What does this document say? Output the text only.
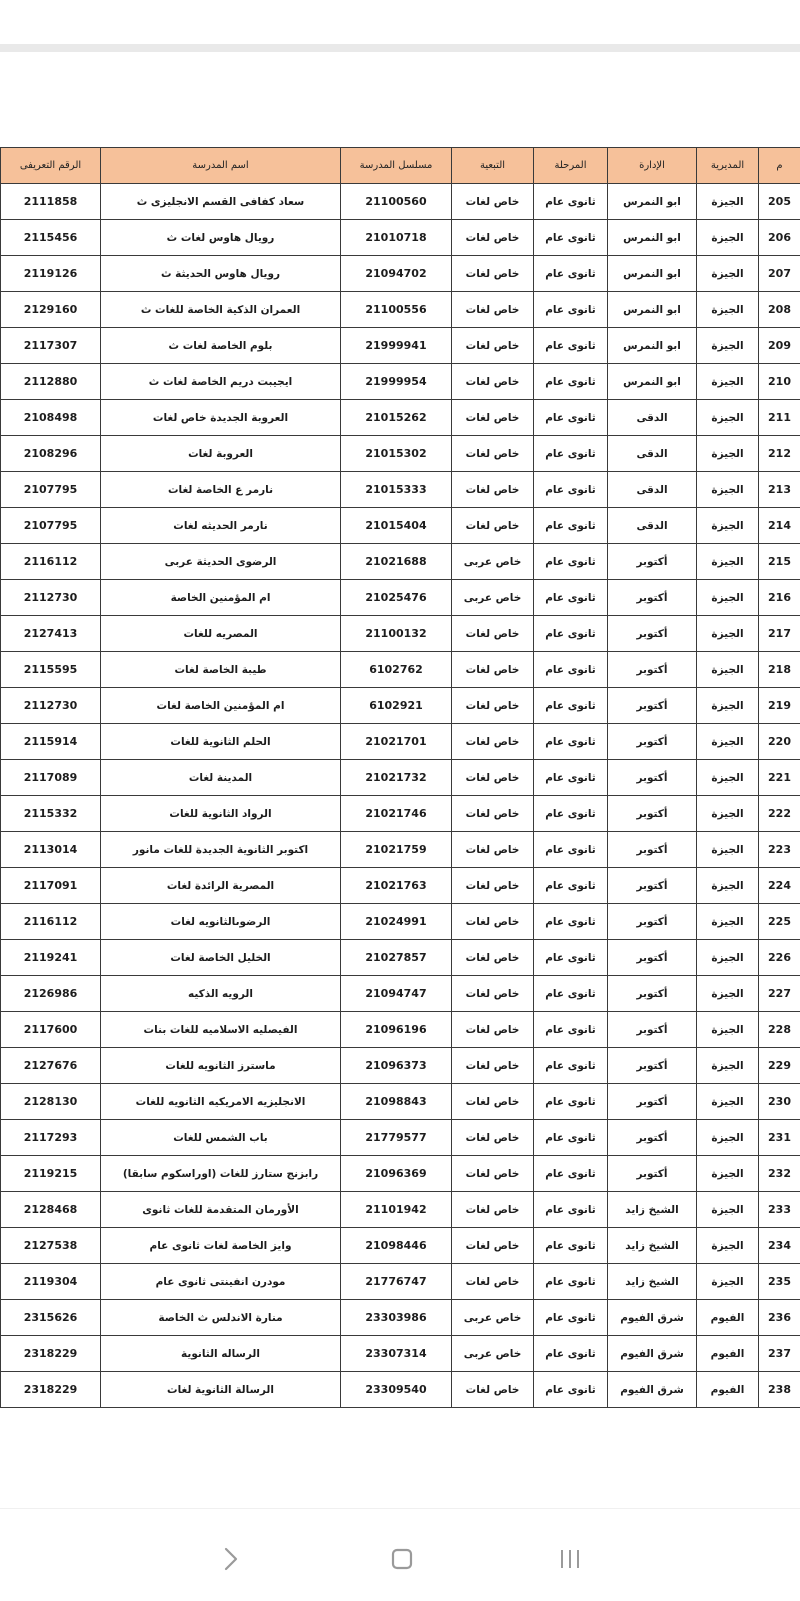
م	المديرية	الإدارة	المرحلة	التبعية	مسلسل المدرسة	اسم المدرسة	الرقم التعريفى
205	الجيزة	ابو النمرس	ثانوى عام	خاص لغات	21100560	سعاد كفافى القسم الانجليزى ث	2111858
206	الجيزة	ابو النمرس	ثانوى عام	خاص لغات	21010718	رويال هاوس لغات ث	2115456
207	الجيزة	ابو النمرس	ثانوى عام	خاص لغات	21094702	رويال هاوس الحديثة ث	2119126
208	الجيزة	ابو النمرس	ثانوى عام	خاص لغات	21100556	العمران الذكية الخاصة للغات ث	2129160
209	الجيزة	ابو النمرس	ثانوى عام	خاص لغات	21999941	بلوم الخاصة لغات ث	2117307
210	الجيزة	ابو النمرس	ثانوى عام	خاص لغات	21999954	ايجيبت دريم الخاصة لغات ث	2112880
211	الجيزة	الدقى	ثانوى عام	خاص لغات	21015262	العروبة الجديدة خاص لغات	2108498
212	الجيزة	الدقى	ثانوى عام	خاص لغات	21015302	العروبة لغات	2108296
213	الجيزة	الدقى	ثانوى عام	خاص لغات	21015333	نارمر ع الخاصة لغات	2107795
214	الجيزة	الدقى	ثانوى عام	خاص لغات	21015404	نارمر الحديثه لغات	2107795
215	الجيزة	أكتوبر	ثانوى عام	خاص عربى	21021688	الرضوى الحديثة عربى	2116112
216	الجيزة	أكتوبر	ثانوى عام	خاص عربى	21025476	ام المؤمنين الخاصة	2112730
217	الجيزة	أكتوبر	ثانوى عام	خاص لغات	21100132	المصريه للغات	2127413
218	الجيزة	أكتوبر	ثانوى عام	خاص لغات	6102762	طيبة الخاصة لغات	2115595
219	الجيزة	أكتوبر	ثانوى عام	خاص لغات	6102921	ام المؤمنين الخاصة لغات	2112730
220	الجيزة	أكتوبر	ثانوى عام	خاص لغات	21021701	الحلم الثانوية للغات	2115914
221	الجيزة	أكتوبر	ثانوى عام	خاص لغات	21021732	المدينة لغات	2117089
222	الجيزة	أكتوبر	ثانوى عام	خاص لغات	21021746	الرواد الثانوية للغات	2115332
223	الجيزة	أكتوبر	ثانوى عام	خاص لغات	21021759	اكتوبر الثانوية الجديدة للغات مانور	2113014
224	الجيزة	أكتوبر	ثانوى عام	خاص لغات	21021763	المصرية الرائدة لغات	2117091
225	الجيزة	أكتوبر	ثانوى عام	خاص لغات	21024991	الرضوىالثانويه لغات	2116112
226	الجيزة	أكتوبر	ثانوى عام	خاص لغات	21027857	الخليل الخاصة لغات	2119241
227	الجيزة	أكتوبر	ثانوى عام	خاص لغات	21094747	الرويه الذكيه	2126986
228	الجيزة	أكتوبر	ثانوى عام	خاص لغات	21096196	الفيصليه الاسلاميه للغات بنات	2117600
229	الجيزة	أكتوبر	ثانوى عام	خاص لغات	21096373	ماسترز الثانويه للغات	2127676
230	الجيزة	أكتوبر	ثانوى عام	خاص لغات	21098843	الانجليزيه الامريكيه الثانويه للغات	2128130
231	الجيزة	أكتوبر	ثانوى عام	خاص لغات	21779577	باب الشمس للغات	2117293
232	الجيزة	أكتوبر	ثانوى عام	خاص لغات	21096369	رابزنج ستارز للغات (اوراسكوم سابقا)	2119215
233	الجيزة	الشيخ زايد	ثانوى عام	خاص لغات	21101942	الأورمان المتقدمة للغات ثانوى	2128468
234	الجيزة	الشيخ زايد	ثانوى عام	خاص لغات	21098446	وايز الخاصة لغات ثانوى عام	2127538
235	الجيزة	الشيخ زايد	ثانوى عام	خاص لغات	21776747	مودرن انفينتى ثانوى عام	2119304
236	الفيوم	شرق الفيوم	ثانوى عام	خاص عربى	23303986	منارة الاندلس ث الخاصة	2315626
237	الفيوم	شرق الفيوم	ثانوى عام	خاص عربى	23307314	الرساله الثانوية	2318229
238	الفيوم	شرق الفيوم	ثانوى عام	خاص لغات	23309540	الرسالة الثانوية لغات	2318229
